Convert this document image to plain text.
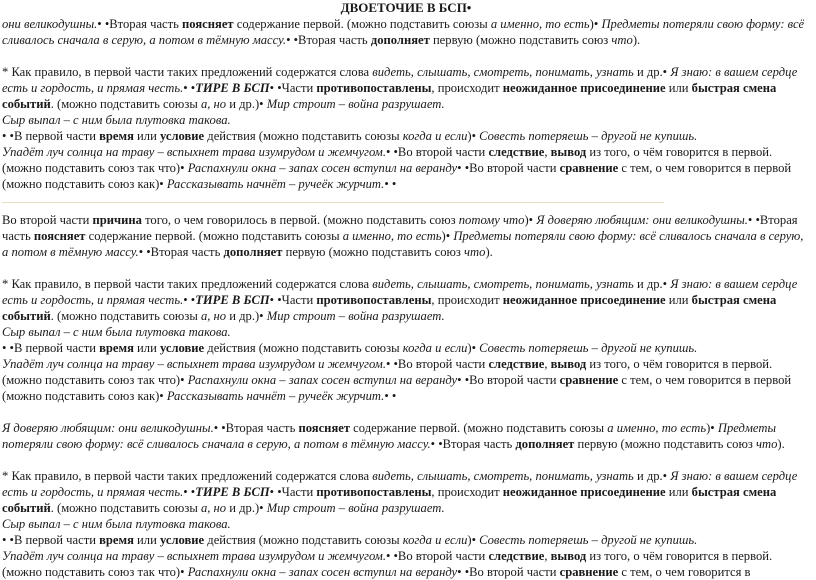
ДВОЕТОЧИЕ В БСП•

они великодушны.• •Вторая часть поясняет содержание первой. (можно подставить союзы а именно, то есть)• Предметы потеряли свою форму: всё сливалось сначала в серую, а потом в тёмную массу.• •Вторая часть дополняет первую (можно подставить союз что).

* Как правило, в первой части таких предложений содержатся слова видеть, слышать, смотреть, понимать, узнать и др.• Я знаю: в вашем сердце есть и гордость, и прямая честь.• •ТИРЕ В БСП• •Части противопоставлены, происходит неожиданное присоединение или быстрая смена событий. (можно подставить союзы а, но и др.)• Мир строит – война разрушает.

Сыр выпал – с ним была плутовка такова.

• •В первой части время или условие действия (можно подставить союзы когда и если)• Совесть потеряешь – другой не купишь.

Упадёт луч солнца на траву – вспыхнет трава изумрудом и жемчугом.• •Во второй части следствие, вывод из того, о чём говорится в первой. (можно подставить союз так что)• Распахнули окна – запах сосен вступил на веранду• •Во второй части сравнение с тем, о чем говорится в первой (можно подставить союз как)• Рассказывать начнёт – ручеёк журчит.• •

Во второй части причина того, о чем говорилось в первой. (можно подставить союз потому что)• Я доверяю любящим: они великодушны.• •Вторая часть поясняет содержание первой. (можно подставить союзы а именно, то есть)• Предметы потеряли свою форму: всё сливалось сначала в серую, а потом в тёмную массу.• •Вторая часть дополняет первую (можно подставить союз что).

* Как правило, в первой части таких предложений содержатся слова видеть, слышать, смотреть, понимать, узнать и др.• Я знаю: в вашем сердце есть и гордость, и прямая честь.• •ТИРЕ В БСП• •Части противопоставлены, происходит неожиданное присоединение или быстрая смена событий. (можно подставить союзы а, но и др.)• Мир строит – война разрушает.

Сыр выпал – с ним была плутовка такова.

• •В первой части время или условие действия (можно подставить союзы когда и если)• Совесть потеряешь – другой не купишь.

Упадёт луч солнца на траву – вспыхнет трава изумрудом и жемчугом.• •Во второй части следствие, вывод из того, о чём говорится в первой. (можно подставить союз так что)• Распахнули окна – запах сосен вступил на веранду• •Во второй части сравнение с тем, о чем говорится в первой (можно подставить союз как)• Рассказывать начнёт – ручеёк журчит.• •

Я доверяю любящим: они великодушны.• •Вторая часть поясняет содержание первой. (можно подставить союзы а именно, то есть)• Предметы потеряли свою форму: всё сливалось сначала в серую, а потом в тёмную массу.• •Вторая часть дополняет первую (можно подставить союз что).

* Как правило, в первой части таких предложений содержатся слова видеть, слышать, смотреть, понимать, узнать и др.• Я знаю: в вашем сердце есть и гордость, и прямая честь.• •ТИРЕ В БСП• •Части противопоставлены, происходит неожиданное присоединение или быстрая смена событий. (можно подставить союзы а, но и др.)• Мир строит – война разрушает.

Сыр выпал – с ним была плутовка такова.

• •В первой части время или условие действия (можно подставить союзы когда и если)• Совесть потеряешь – другой не купишь.

Упадёт луч солнца на траву – вспыхнет трава изумрудом и жемчугом.• •Во второй части следствие, вывод из того, о чём говорится в первой. (можно подставить союз так что)• Распахнули окна – запах сосен вступил на веранду• •Во второй части сравнение с тем, о чем говорится в
